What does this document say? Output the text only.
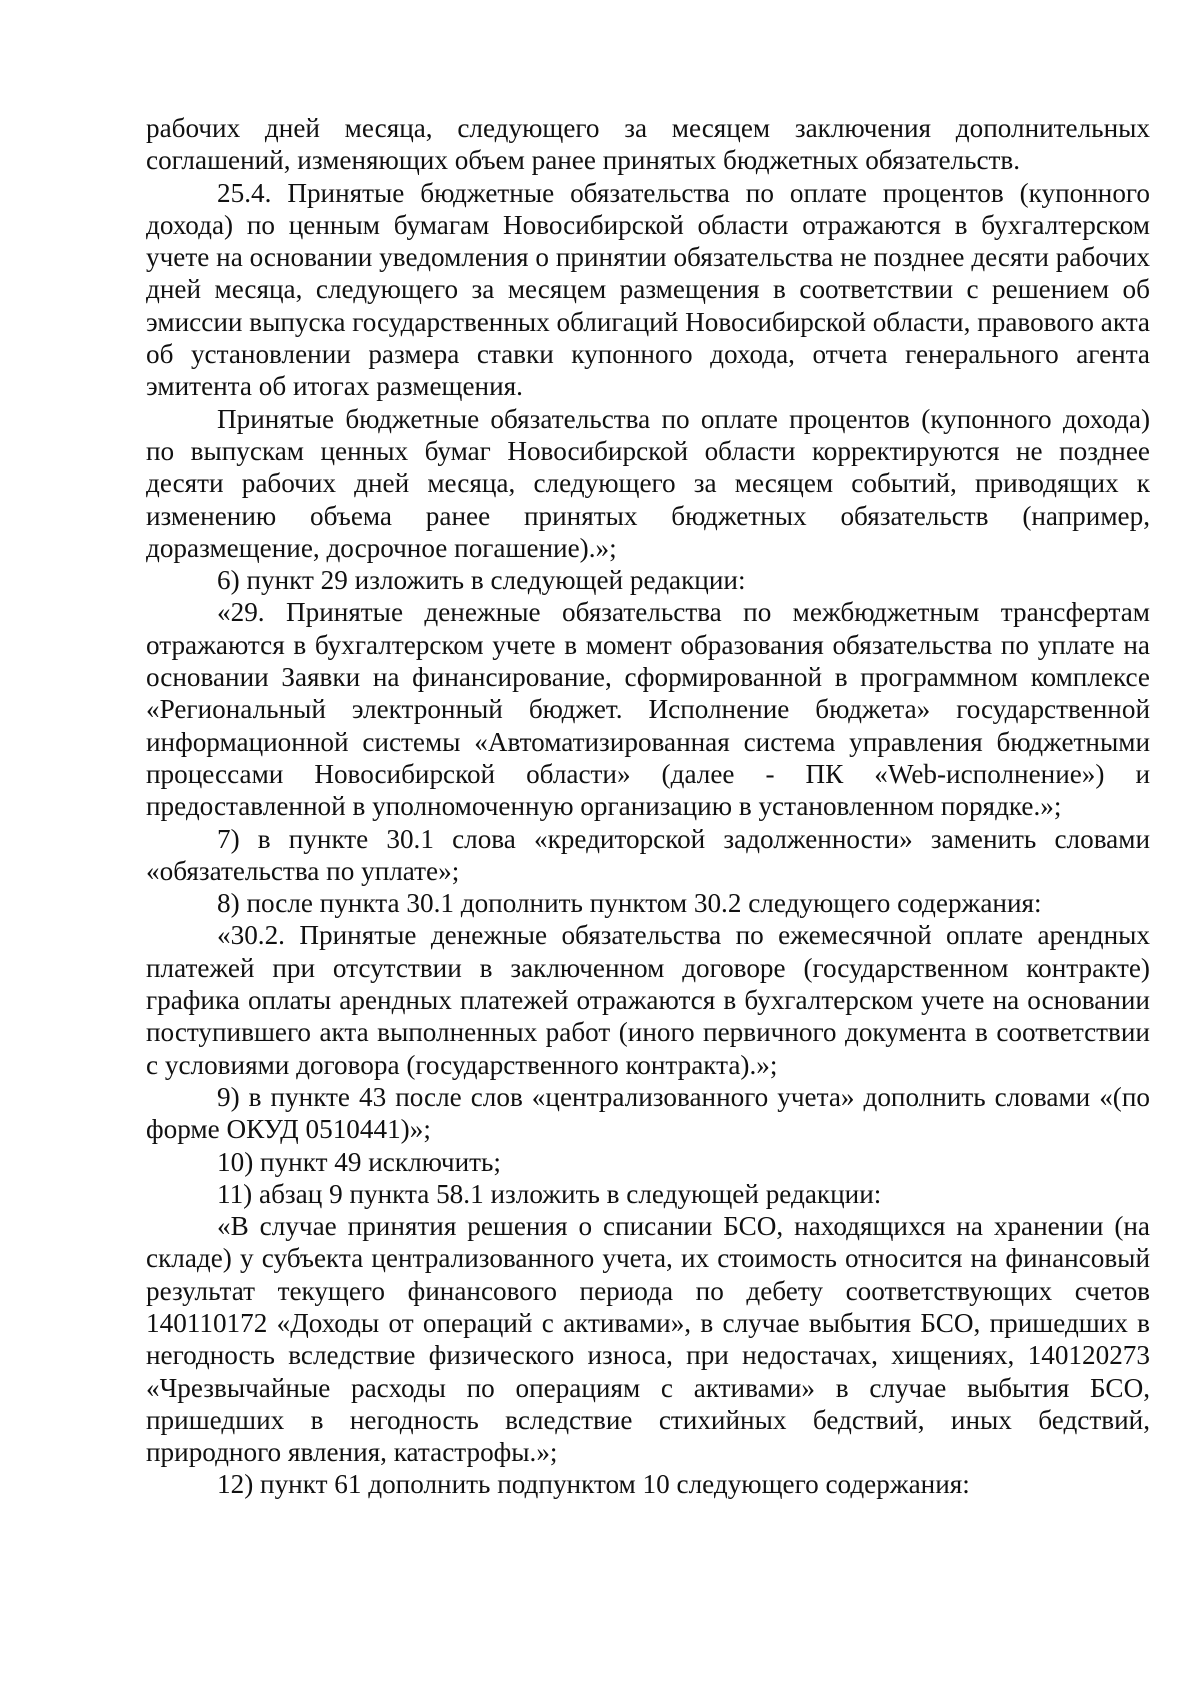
рабочих дней месяца, следующего за месяцем заключения дополнительных соглашений, изменяющих объем ранее принятых бюджетных обязательств.

25.4. Принятые бюджетные обязательства по оплате процентов (купонного дохода) по ценным бумагам Новосибирской области отражаются в бухгалтерском учете на основании уведомления о принятии обязательства не позднее десяти рабочих дней месяца, следующего за месяцем размещения в соответствии с решением об эмиссии выпуска государственных облигаций Новосибирской области, правового акта об установлении размера ставки купонного дохода, отчета генерального агента эмитента об итогах размещения.

Принятые бюджетные обязательства по оплате процентов (купонного дохода) по выпускам ценных бумаг Новосибирской области корректируются не позднее десяти рабочих дней месяца, следующего за месяцем событий, приводящих к изменению объема ранее принятых бюджетных обязательств (например, доразмещение, досрочное погашение).»;

6) пункт 29 изложить в следующей редакции:

«29. Принятые денежные обязательства по межбюджетным трансфертам отражаются в бухгалтерском учете в момент образования обязательства по уплате на основании Заявки на финансирование, сформированной в программном комплексе «Региональный электронный бюджет. Исполнение бюджета» государственной информационной системы «Автоматизированная система управления бюджетными процессами Новосибирской области» (далее - ПК «Web-исполнение») и предоставленной в уполномоченную организацию в установленном порядке.»;

7) в пункте 30.1 слова «кредиторской задолженности» заменить словами «обязательства по уплате»;

8) после пункта 30.1 дополнить пунктом 30.2 следующего содержания:

«30.2. Принятые денежные обязательства по ежемесячной оплате арендных платежей при отсутствии в заключенном договоре (государственном контракте) графика оплаты арендных платежей отражаются в бухгалтерском учете на основании поступившего акта выполненных работ (иного первичного документа в соответствии с условиями договора (государственного контракта).»;

9) в пункте 43 после слов «централизованного учета» дополнить словами «(по форме ОКУД 0510441)»;

10) пункт 49 исключить;

11) абзац 9 пункта 58.1 изложить в следующей редакции:

«В случае принятия решения о списании БСО, находящихся на хранении (на складе) у субъекта централизованного учета, их стоимость относится на финансовый результат текущего финансового периода по дебету соответствующих счетов 140110172 «Доходы от операций с активами», в случае выбытия БСО, пришедших в негодность вследствие физического износа, при недостачах, хищениях, 140120273 «Чрезвычайные расходы по операциям с активами» в случае выбытия БСО, пришедших в негодность вследствие стихийных бедствий, иных бедствий, природного явления, катастрофы.»;

12) пункт 61 дополнить подпунктом 10 следующего содержания:
